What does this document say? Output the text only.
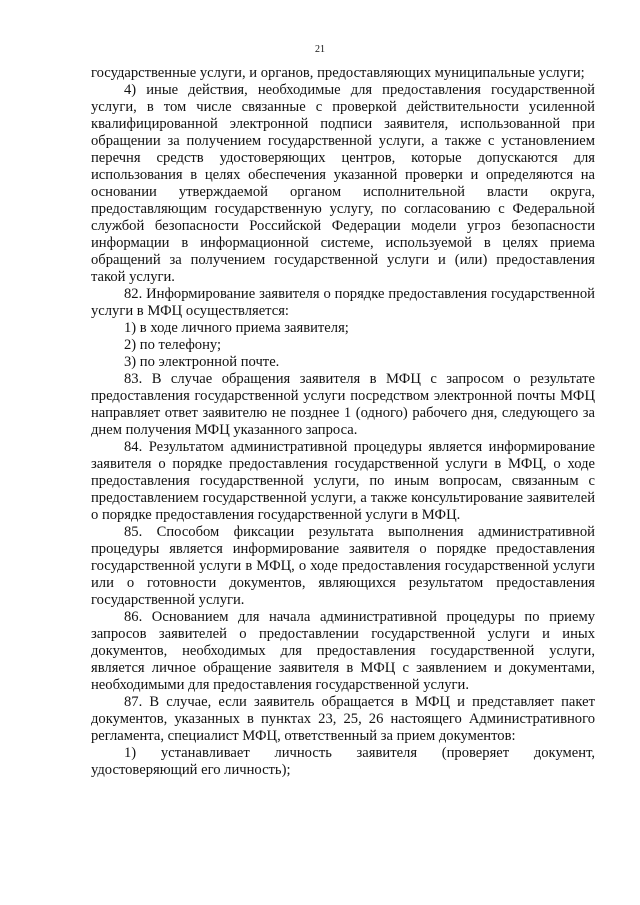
21

государственные услуги, и органов, предоставляющих муниципальные услуги;

4) иные действия, необходимые для предоставления государственной услуги, в том числе связанные с проверкой действительности усиленной квалифицированной электронной подписи заявителя, использованной при обращении за получением государственной услуги, а также с установлением перечня средств удостоверяющих центров, которые допускаются для использования в целях обеспечения указанной проверки и определяются на основании утверждаемой органом исполнительной власти округа, предоставляющим государственную услугу, по согласованию с Федеральной службой безопасности Российской Федерации модели угроз безопасности информации в информационной системе, используемой в целях приема обращений за получением государственной услуги и (или) предоставления такой услуги.

82. Информирование заявителя о порядке предоставления государственной услуги в МФЦ осуществляется:

1) в ходе личного приема заявителя;

2) по телефону;

3) по электронной почте.

83. В случае обращения заявителя в МФЦ с запросом о результате предоставления государственной услуги посредством электронной почты МФЦ направляет ответ заявителю не позднее 1 (одного) рабочего дня, следующего за днем получения МФЦ указанного запроса.

84. Результатом административной процедуры является информирование заявителя о порядке предоставления государственной услуги в МФЦ, о ходе предоставления государственной услуги, по иным вопросам, связанным с предоставлением государственной услуги, а также консультирование заявителей о порядке предоставления государственной услуги в МФЦ.

85. Способом фиксации результата выполнения административной процедуры является информирование заявителя о порядке предоставления государственной услуги в МФЦ, о ходе предоставления государственной услуги или о готовности документов, являющихся результатом предоставления государственной услуги.

86. Основанием для начала административной процедуры по приему запросов заявителей о предоставлении государственной услуги и иных документов, необходимых для предоставления государственной услуги, является личное обращение заявителя в МФЦ с заявлением и документами, необходимыми для предоставления государственной услуги.

87. В случае, если заявитель обращается в МФЦ и представляет пакет документов, указанных в пунктах 23, 25, 26 настоящего Административного регламента, специалист МФЦ, ответственный за прием документов:

1) устанавливает личность заявителя (проверяет документ, удостоверяющий его личность);
